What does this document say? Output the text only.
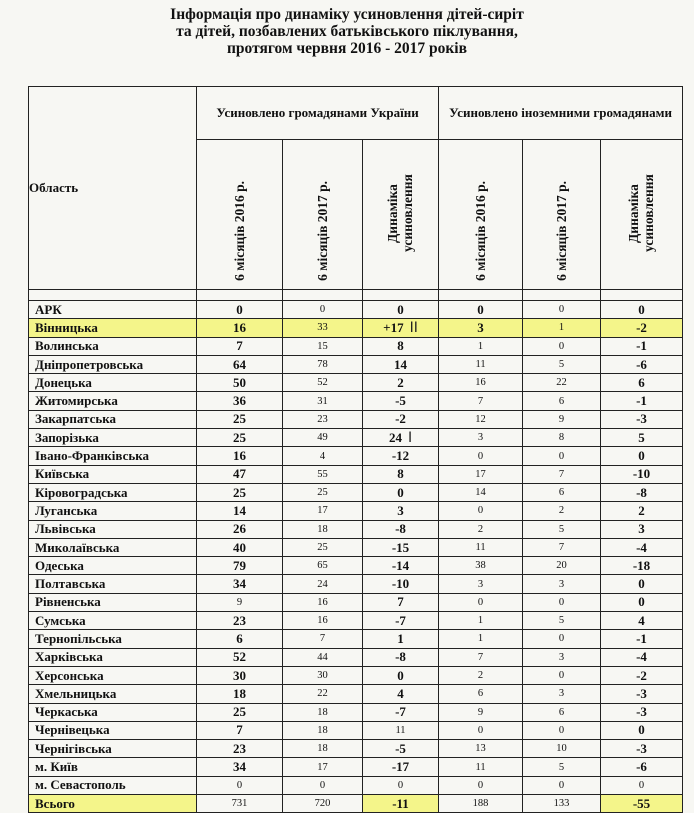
Інформація про динаміку усиновлення дітей-сиріт
та дітей, позбавлених батьківського піклування,
протягом червня 2016 - 2017 років
Область	Усиновлено громадянами України			Усиновлено іноземними громадянами		
	6 місяців 2016 р.	6 місяців 2017 р.	Динаміка усиновлення	6 місяців 2016 р.	6 місяців 2017 р.	Динаміка усиновлення

АРК	0	0	0	0	0	0
Вінницька	16	33	+17 II	3	1	-2
Волинська	7	15	8	1	0	-1
Дніпропетровська	64	78	14	11	5	-6
Донецька	50	52	2	16	22	6
Житомирська	36	31	-5	7	6	-1
Закарпатська	25	23	-2	12	9	-3
Запорізька	25	49	24 I	3	8	5
Івано-Франківська	16	4	-12	0	0	0
Київська	47	55	8	17	7	-10
Кіровоградська	25	25	0	14	6	-8
Луганська	14	17	3	0	2	2
Львівська	26	18	-8	2	5	3
Миколаївська	40	25	-15	11	7	-4
Одеська	79	65	-14	38	20	-18
Полтавська	34	24	-10	3	3	0
Рівненська	9	16	7	0	0	0
Сумська	23	16	-7	1	5	4
Тернопільська	6	7	1	1	0	-1
Харківська	52	44	-8	7	3	-4
Херсонська	30	30	0	2	0	-2
Хмельницька	18	22	4	6	3	-3
Черкаська	25	18	-7	9	6	-3
Чернівецька	7	18	11	0	0	0
Чернігівська	23	18	-5	13	10	-3
м. Київ	34	17	-17	11	5	-6
м. Севастополь	0	0	0	0	0	0
Всього	731	720	-11	188	133	-55
